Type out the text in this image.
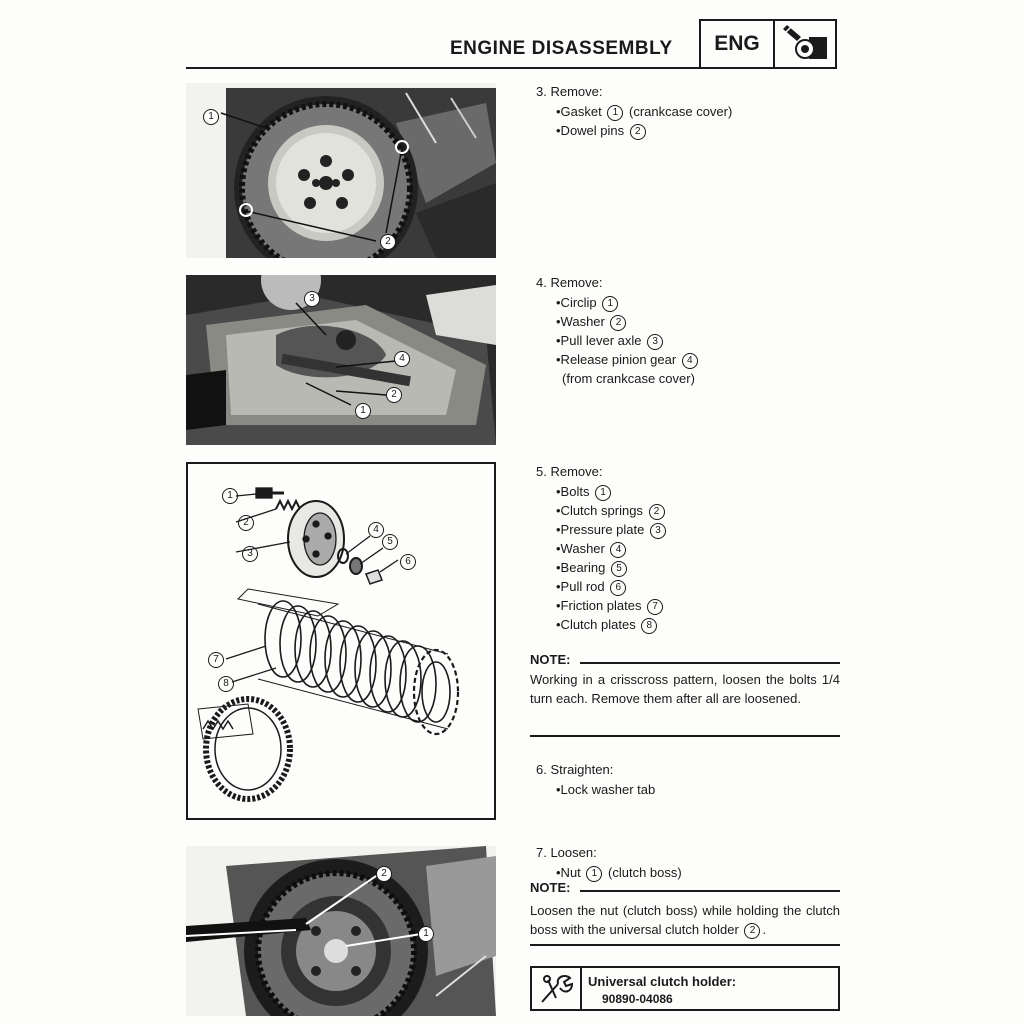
ENGINE DISASSEMBLY	ENG
1
2
3
4
1
2
1
2
3
4
5
6
7
8
2
1
3. Remove:
•Gasket 1 (crankcase cover)
•Dowel pins 2
4. Remove:
•Circlip 1
•Washer 2
•Pull lever axle 3
•Release pinion gear 4
(from crankcase cover)
5. Remove:
•Bolts 1
•Clutch springs 2
•Pressure plate 3
•Washer 4
•Bearing 5
•Pull rod 6
•Friction plates 7
•Clutch plates 8
NOTE:
Working in a crisscross pattern, loosen the bolts 1/4 turn each. Remove them after all are loosened.
6. Straighten:
•Lock washer tab
7. Loosen:
•Nut 1 (clutch boss)
NOTE:
Loosen the nut (clutch boss) while holding the clutch boss with the universal clutch holder 2 .
Universal clutch holder:
90890-04086
